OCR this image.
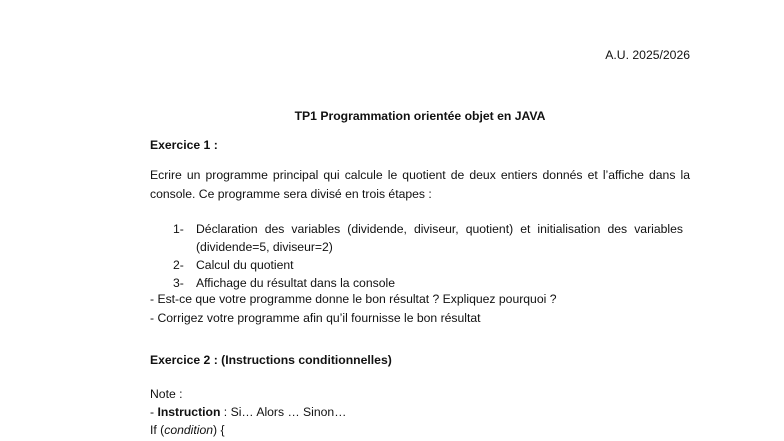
A.U. 2025/2026
TP1 Programmation orientée objet en JAVA
Exercice 1 :
Ecrire un programme principal qui calcule le quotient de deux entiers donnés et l’affiche dans la console. Ce programme sera divisé en trois étapes :
1- Déclaration des variables (dividende, diviseur, quotient) et initialisation des variables (dividende=5, diviseur=2)
2- Calcul du quotient
3- Affichage du résultat dans la console
- Est-ce que votre programme donne le bon résultat ? Expliquez pourquoi ?
- Corrigez votre programme afin qu’il fournisse le bon résultat
Exercice 2 : (Instructions conditionnelles)
Note :
- Instruction : Si… Alors … Sinon…
If (condition) {
